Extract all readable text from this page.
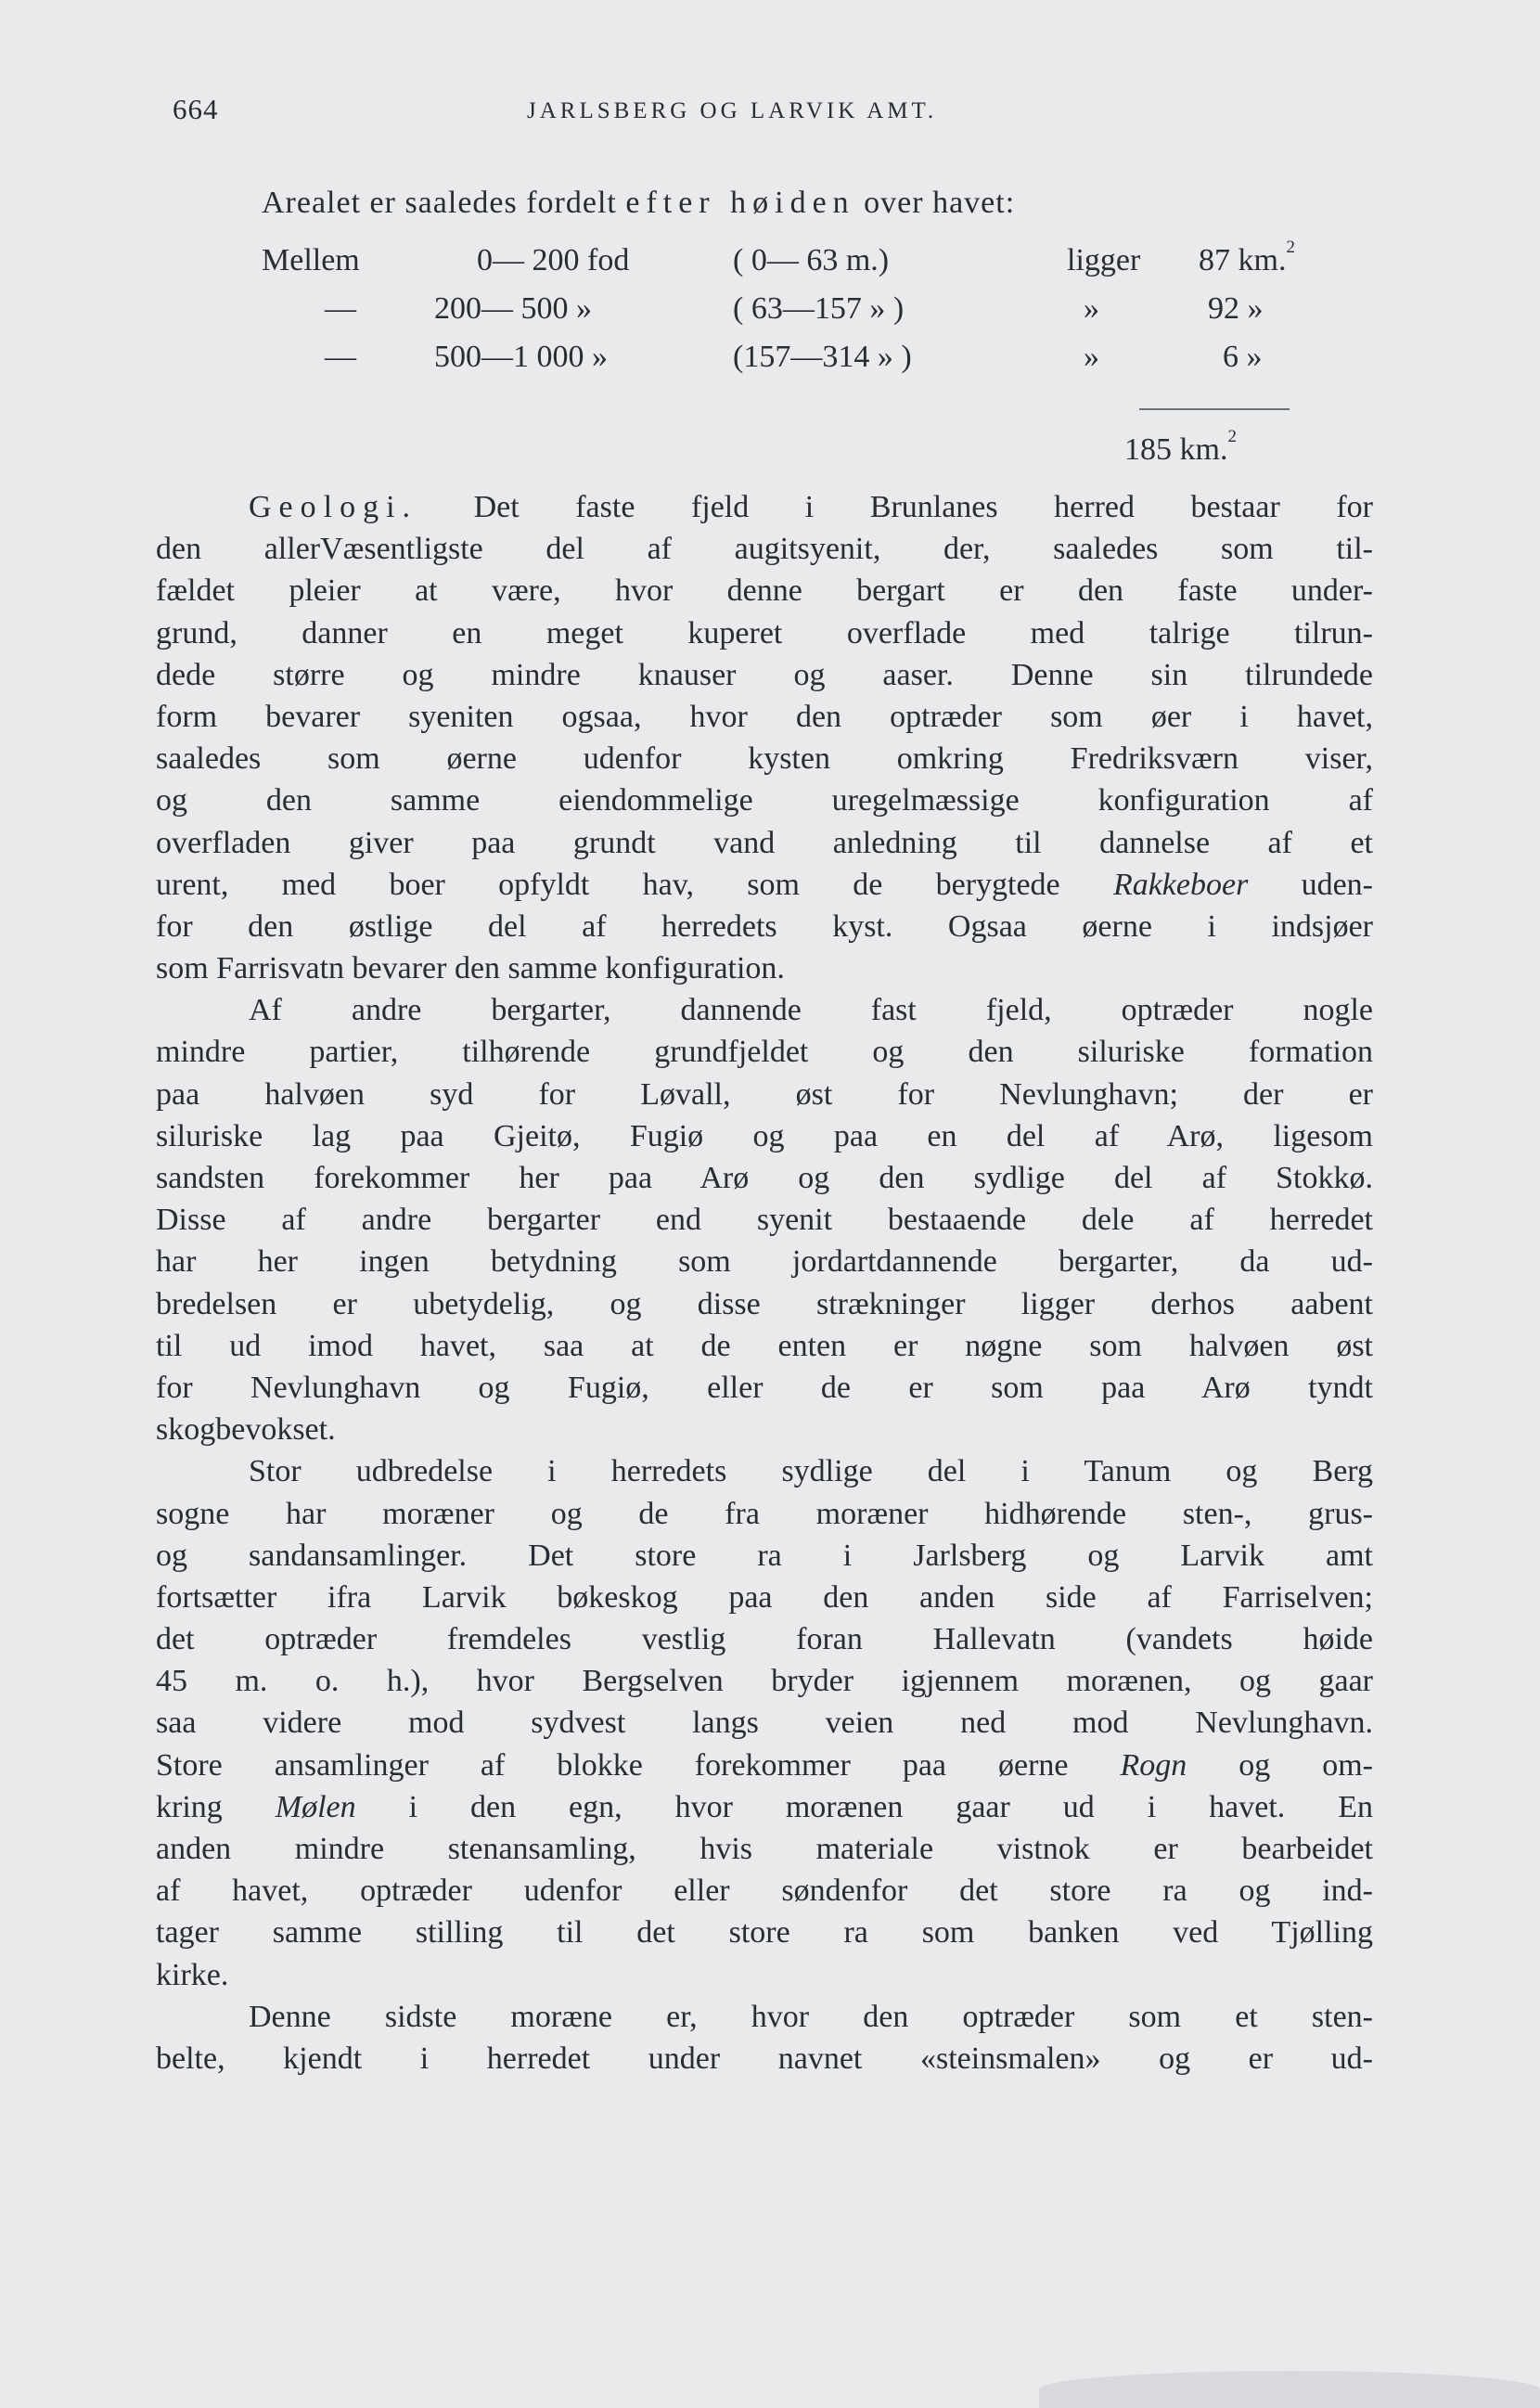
664	JARLSBERG OG LARVIK AMT.
Arealet er saaledes fordelt efter høiden over havet:
Mellem	0— 200 fod	( 0— 63 m.)	ligger 87 km.$^2$
— 200— 500 »	( 63—157 » )	»	92 »
— 500—1 000 »	(157—314 » )	»	6 »
185 km.$^2$
Geologi. Det faste fjeld i Brunlanes herred bestaar for
den allerVæsentligste del af augitsyenit, der, saaledes som til-
fældet pleier at være, hvor denne bergart er den faste under-
grund, danner en meget kuperet overflade med talrige tilrun-
dede større og mindre knauser og aaser. Denne sin tilrundede
form bevarer syeniten ogsaa, hvor den optræder som øer i havet,
saaledes som øerne udenfor kysten omkring Fredriksværn viser,
og den samme eiendommelige uregelmæssige konfiguration af
overfladen giver paa grundt vand anledning til dannelse af et
urent, med boer opfyldt hav, som de berygtede Rakkeboer uden-
for den østlige del af herredets kyst. Ogsaa øerne i indsjøer
som Farrisvatn bevarer den samme konfiguration.
Af andre bergarter, dannende fast fjeld, optræder nogle
mindre partier, tilhørende grundfjeldet og den siluriske formation
paa halvøen syd for Løvall, øst for Nevlunghavn; der er
siluriske lag paa Gjeitø, Fugiø og paa en del af Arø, ligesom
sandsten forekommer her paa Arø og den sydlige del af Stokkø.
Disse af andre bergarter end syenit bestaaende dele af herredet
har her ingen betydning som jordartdannende bergarter, da ud-
bredelsen er ubetydelig, og disse strækninger ligger derhos aabent
til ud imod havet, saa at de enten er nøgne som halvøen øst
for Nevlunghavn og Fugiø, eller de er som paa Arø tyndt
skogbevokset.
Stor udbredelse i herredets sydlige del i Tanum og Berg
sogne har moræner og de fra moræner hidhørende sten-, grus-
og sandansamlinger. Det store ra i Jarlsberg og Larvik amt
fortsætter ifra Larvik bøkeskog paa den anden side af Farriselven;
det optræder fremdeles vestlig foran Hallevatn (vandets høide
45 m. o. h.), hvor Bergselven bryder igjennem morænen, og gaar
saa videre mod sydvest langs veien ned mod Nevlunghavn.
Store ansamlinger af blokke forekommer paa øerne Rogn og om-
kring Mølen i den egn, hvor morænen gaar ud i havet. En
anden mindre stenansamling, hvis materiale vistnok er bearbeidet
af havet, optræder udenfor eller søndenfor det store ra og ind-
tager samme stilling til det store ra som banken ved Tjølling
kirke.
Denne sidste moræne er, hvor den optræder som et sten-
belte, kjendt i herredet under navnet «steinsmalen» og er ud-
